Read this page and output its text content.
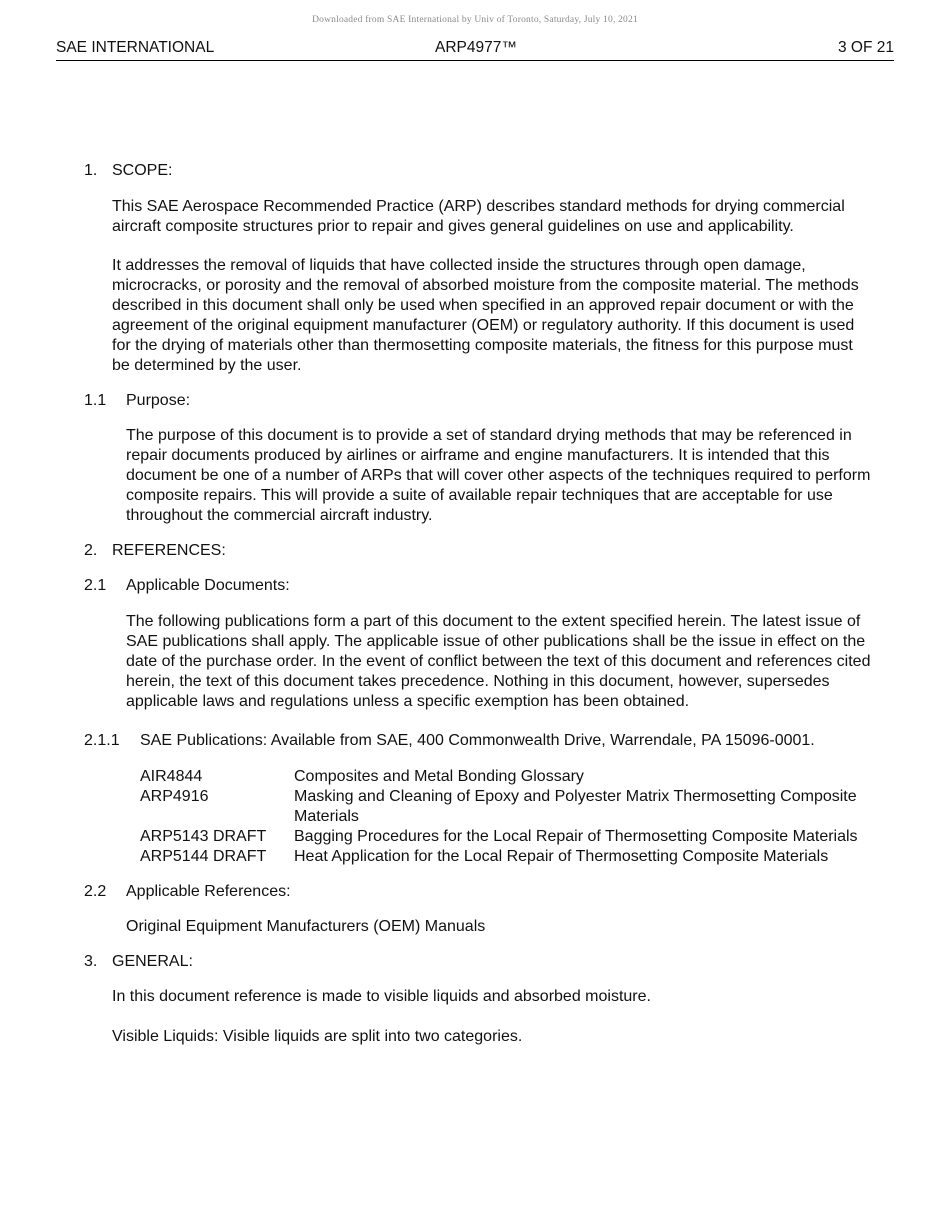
Downloaded from SAE International by Univ of Toronto, Saturday, July 10, 2021
SAE INTERNATIONAL	ARP4977™	3 OF 21
1. SCOPE:

This SAE Aerospace Recommended Practice (ARP) describes standard methods for drying commercial aircraft composite structures prior to repair and gives general guidelines on use and applicability.

It addresses the removal of liquids that have collected inside the structures through open damage, microcracks, or porosity and the removal of absorbed moisture from the composite material. The methods described in this document shall only be used when specified in an approved repair document or with the agreement of the original equipment manufacturer (OEM) or regulatory authority. If this document is used for the drying of materials other than thermosetting composite materials, the fitness for this purpose must be determined by the user.

1.1 Purpose:

The purpose of this document is to provide a set of standard drying methods that may be referenced in repair documents produced by airlines or airframe and engine manufacturers. It is intended that this document be one of a number of ARPs that will cover other aspects of the techniques required to perform composite repairs. This will provide a suite of available repair techniques that are acceptable for use throughout the commercial aircraft industry.

2. REFERENCES:
2.1 Applicable Documents:

The following publications form a part of this document to the extent specified herein. The latest issue of SAE publications shall apply. The applicable issue of other publications shall be the issue in effect on the date of the purchase order. In the event of conflict between the text of this document and references cited herein, the text of this document takes precedence. Nothing in this document, however, supersedes applicable laws and regulations unless a specific exemption has been obtained.

2.1.1 SAE Publications: Available from SAE, 400 Commonwealth Drive, Warrendale, PA 15096-0001.
AIR4844	Composites and Metal Bonding Glossary
ARP4916	Masking and Cleaning of Epoxy and Polyester Matrix Thermosetting Composite Materials
ARP5143 DRAFT	Bagging Procedures for the Local Repair of Thermosetting Composite Materials
ARP5144 DRAFT	Heat Application for the Local Repair of Thermosetting Composite Materials
2.2 Applicable References:

Original Equipment Manufacturers (OEM) Manuals

3. GENERAL:

In this document reference is made to visible liquids and absorbed moisture.

Visible Liquids: Visible liquids are split into two categories.
